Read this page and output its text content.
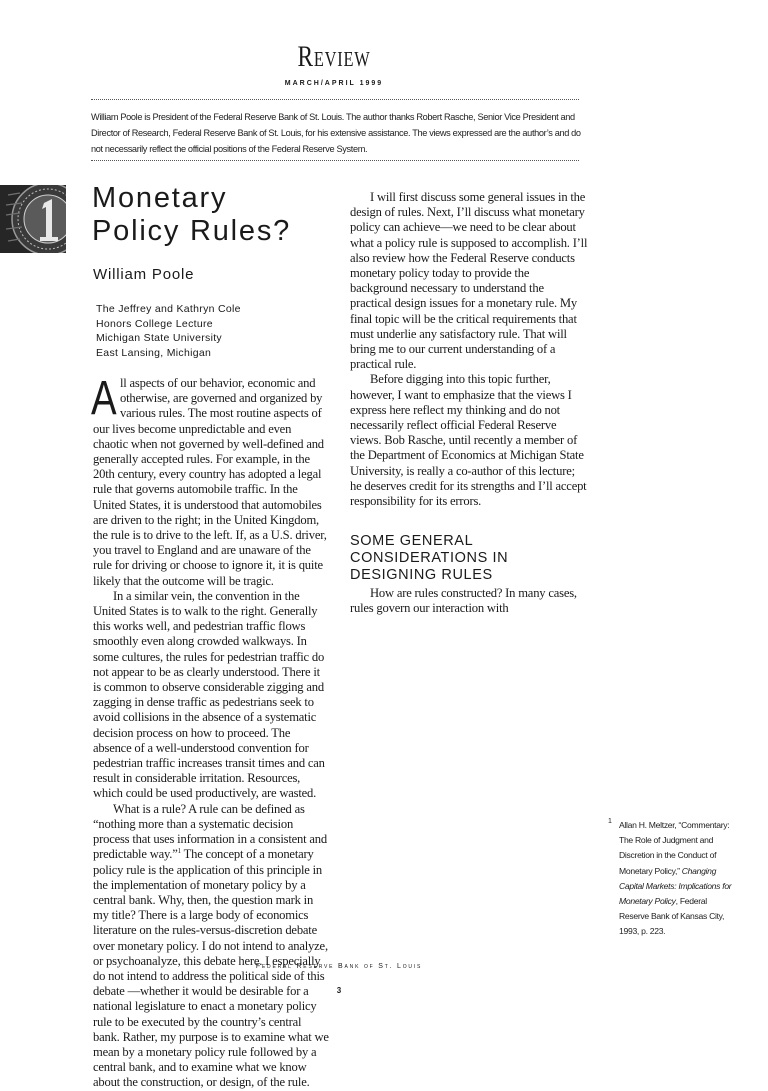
Review
MARCH/APRIL 1999
William Poole is President of the Federal Reserve Bank of St. Louis. The author thanks Robert Rasche, Senior Vice President and Director of Research, Federal Reserve Bank of St. Louis, for his extensive assistance. The views expressed are the author’s and do not necessarily reflect the official positions of the Federal Reserve System.
Monetary
Policy Rules?
William Poole
The Jeffrey and Kathryn Cole
Honors College Lecture
Michigan State University
East Lansing, Michigan

All aspects of our behavior, economic and otherwise, are governed and organized by various rules. The most routine aspects of our lives become unpredictable and even chaotic when not governed by well-defined and generally accepted rules. For example, in the 20th century, every country has adopted a legal rule that governs automobile traffic. In the United States, it is understood that automobiles are driven to the right; in the United Kingdom, the rule is to drive to the left. If, as a U.S. driver, you travel to England and are unaware of the rule for driving or choose to ignore it, it is quite likely that the outcome will be tragic.

In a similar vein, the convention in the United States is to walk to the right. Generally this works well, and pedestrian traffic flows smoothly even along crowded walkways. In some cultures, the rules for pedestrian traffic do not appear to be as clearly understood. There it is common to observe considerable zigging and zagging in dense traffic as pedestrians seek to avoid collisions in the absence of a systematic decision process on how to proceed. The absence of a well-understood convention for pedestrian traffic increases transit times and can result in considerable irritation. Resources, which could be used productively, are wasted.

What is a rule? A rule can be defined as “nothing more than a systematic decision process that uses information in a consistent and predictable way.”$^1$ The concept of a monetary policy rule is the application of this principle in the implementation of monetary policy by a central bank. Why, then, the question mark in my title? There is a large body of economics literature on the rules-versus-discretion debate over monetary policy. I do not intend to analyze, or psychoanalyze, this debate here. I especially do not intend to address the political side of this debate —whether it would be desirable for a national legislature to enact a monetary policy rule to be executed by the country’s central bank. Rather, my purpose is to examine what we mean by a monetary policy rule followed by a central bank, and to examine what we know about the construction, or design, of the rule.

I will first discuss some general issues in the design of rules. Next, I’ll discuss what monetary policy can achieve—we need to be clear about what a policy rule is supposed to accomplish. I’ll also review how the Federal Reserve conducts monetary policy today to provide the background necessary to understand the practical design issues for a monetary rule. My final topic will be the critical requirements that must underlie any satisfactory rule. That will bring me to our current understanding of a practical rule.

Before digging into this topic further, however, I want to emphasize that the views I express here reflect my thinking and do not necessarily reflect official Federal Reserve views. Bob Rasche, until recently a member of the Department of Economics at Michigan State University, is really a co-author of this lecture; he deserves credit for its strengths and I’ll accept responsibility for its errors.

SOME GENERAL CONSIDERATIONS IN DESIGNING RULES

How are rules constructed? In many cases, rules govern our interaction with

1 Allan H. Meltzer, “Commentary: The Role of Judgment and Discretion in the Conduct of Monetary Policy,” Changing Capital Markets: Implications for Monetary Policy, Federal Reserve Bank of Kansas City, 1993, p. 223.
Federal Reserve Bank of St. Louis
3
